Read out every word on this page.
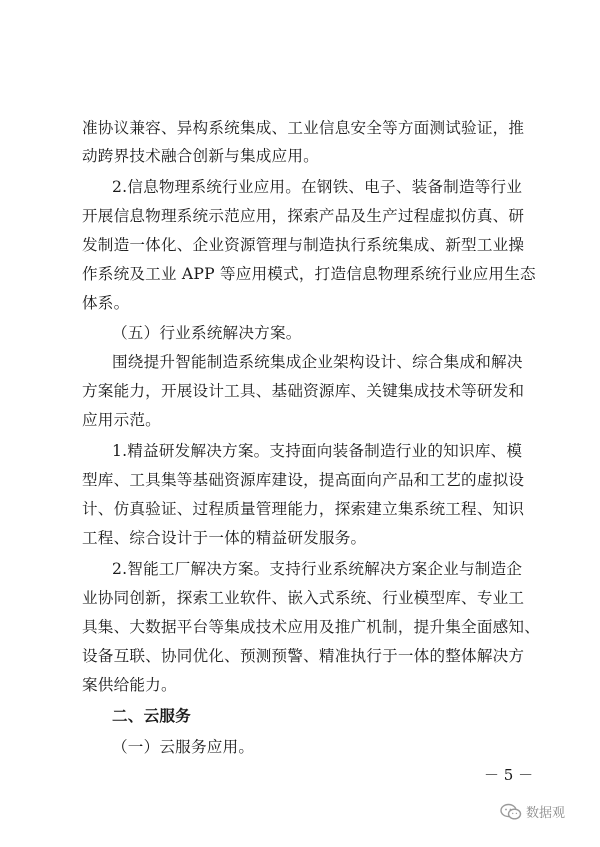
准协议兼容、异构系统集成、工业信息安全等方面测试验证，推
动跨界技术融合创新与集成应用。
2.信息物理系统行业应用。在钢铁、电子、装备制造等行业
开展信息物理系统示范应用，探索产品及生产过程虚拟仿真、研
发制造一体化、企业资源管理与制造执行系统集成、新型工业操
作系统及工业 APP 等应用模式，打造信息物理系统行业应用生态
体系。
（五）行业系统解决方案。
围绕提升智能制造系统集成企业架构设计、综合集成和解决
方案能力，开展设计工具、基础资源库、关键集成技术等研发和
应用示范。
1.精益研发解决方案。支持面向装备制造行业的知识库、模
型库、工具集等基础资源库建设，提高面向产品和工艺的虚拟设
计、仿真验证、过程质量管理能力，探索建立集系统工程、知识
工程、综合设计于一体的精益研发服务。
2.智能工厂解决方案。支持行业系统解决方案企业与制造企
业协同创新，探索工业软件、嵌入式系统、行业模型库、专业工
具集、大数据平台等集成技术应用及推广机制，提升集全面感知、
设备互联、协同优化、预测预警、精准执行于一体的整体解决方
案供给能力。
二、云服务
（一）云服务应用。
－ 5 －
数据观
